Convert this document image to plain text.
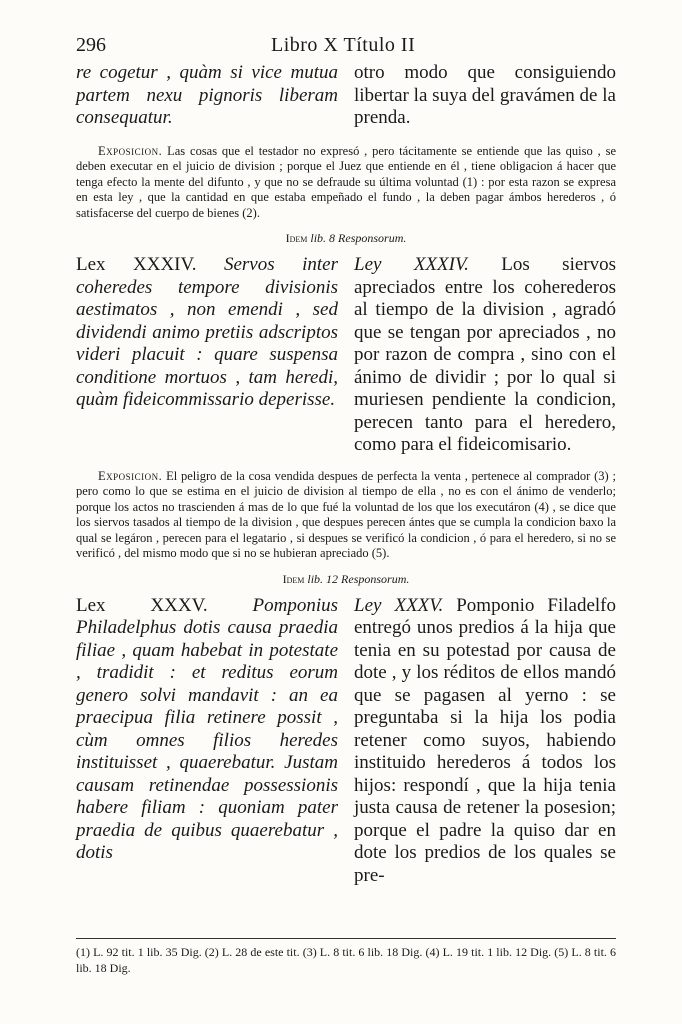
296	Libro X Título II
re cogetur , quàm si vice mutua partem nexu pignoris liberam consequatur.
otro modo que consiguiendo libertar la suya del gravámen de la prenda.
Exposicion. Las cosas que el testador no expresó , pero tácitamente se entiende que las quiso , se deben executar en el juicio de division ; porque el Juez que entiende en él , tiene obligacion á hacer que tenga efecto la mente del difunto , y que no se defraude su última voluntad (1) : por esta razon se expresa en esta ley , que la cantidad en que estaba empeñado el fundo , la deben pagar ámbos herederos , ó satisfacerse del cuerpo de bienes (2).
Idem lib. 8 Responsorum.
Lex XXXIV. Servos inter coheredes tempore divisionis aestimatos , non emendi , sed dividendi animo pretiis adscriptos videri placuit : quare suspensa conditione mortuos , tam heredi, quàm fideicommissario deperisse.
Ley XXXIV. Los siervos apreciados entre los coherederos al tiempo de la division , agradó que se tengan por apreciados , no por razon de compra , sino con el ánimo de dividir ; por lo qual si muriesen pendiente la condicion, perecen tanto para el heredero, como para el fideicomisario.
Exposicion. El peligro de la cosa vendida despues de perfecta la venta , pertenece al comprador (3) ; pero como lo que se estima en el juicio de division al tiempo de ella , no es con el ánimo de venderlo; porque los actos no trascienden á mas de lo que fué la voluntad de los que los executáron (4) , se dice que los siervos tasados al tiempo de la division , que despues perecen ántes que se cumpla la condicion baxo la qual se legáron , perecen para el legatario , si despues se verificó la condicion , ó para el heredero, si no se verificó , del mismo modo que si no se hubieran apreciado (5).
Idem lib. 12 Responsorum.
Lex XXXV. Pomponius Philadelphus dotis causa praedia filiae , quam habebat in potestate , tradidit : et reditus eorum genero solvi mandavit : an ea praecipua filia retinere possit , cùm omnes filios heredes instituisset , quaerebatur. Justam causam retinendae possessionis habere filiam : quoniam pater praedia de quibus quaerebatur , dotis
Ley XXXV. Pomponio Filadelfo entregó unos predios á la hija que tenia en su potestad por causa de dote , y los réditos de ellos mandó que se pagasen al yerno : se preguntaba si la hija los podia retener como suyos, habiendo instituido herederos á todos los hijos: respondí , que la hija tenia justa causa de retener la posesion; porque el padre la quiso dar en dote los predios de los quales se pre-
(1) L. 92 tit. 1 lib. 35 Dig. (2) L. 28 de este tit. (3) L. 8 tit. 6 lib. 18 Dig. (4) L. 19 tit. 1 lib. 12 Dig. (5) L. 8 tit. 6 lib. 18 Dig.
